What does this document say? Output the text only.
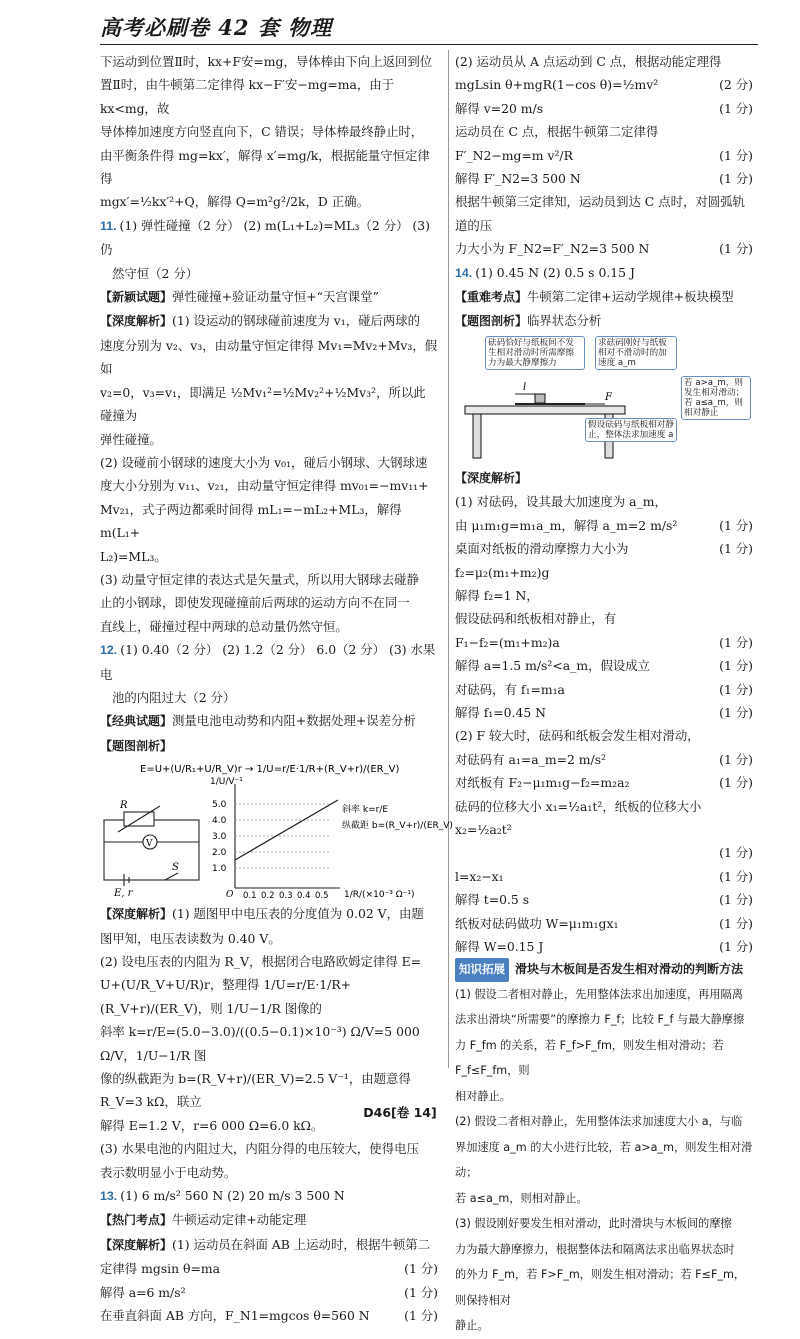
高考必刷卷 42 套 物理

下运动到位置Ⅱ时，kx+F安=mg，导体棒由下向上返回到位

置Ⅱ时，由牛顿第二定律得 kx−F′安−mg=ma，由于 kx<mg，故

导体棒加速度方向竖直向下，C 错误；导体棒最终静止时，

由平衡条件得 mg=kx′，解得 x′=mg/k，根据能量守恒定律得

mgx′=½kx′²+Q，解得 Q=m²g²/2k，D 正确。

11. (1) 弹性碰撞（2 分） (2) m(L₁+L₂)=ML₃（2 分） (3) 仍

然守恒（2 分）

【新颖试题】弹性碰撞+验证动量守恒+“天宫课堂”

【深度解析】(1) 设运动的钢球碰前速度为 v₁，碰后两球的

速度分别为 v₂、v₃，由动量守恒定律得 Mv₁=Mv₂+Mv₃，假如

v₂=0，v₃=v₁，即满足 ½Mv₁²=½Mv₂²+½Mv₃²，所以此碰撞为

弹性碰撞。

(2) 设碰前小钢球的速度大小为 v₀₁，碰后小钢球、大钢球速

度大小分别为 v₁₁、v₂₁，由动量守恒定律得 mv₀₁=−mv₁₁+

Mv₂₁，式子两边都乘时间得 mL₁=−mL₂+ML₃，解得 m(L₁+

L₂)=ML₃。

(3) 动量守恒定律的表达式是矢量式，所以用大钢球去碰静

止的小钢球，即使发现碰撞前后两球的运动方向不在同一

直线上，碰撞过程中两球的总动量仍然守恒。

12. (1) 0.40（2 分） (2) 1.2（2 分） 6.0（2 分） (3) 水果电

池的内阻过大（2 分）

【经典试题】测量电池电动势和内阻+数据处理+误差分析

【题图剖析】

E=U+(U/R₁+U/R_V)r → 1/U=r/E·1/R+(R_V+r)/(ER_V)
R
V
E, r
S
1/U/V⁻¹
1/R/(×10⁻³ Ω⁻¹)
O
5.0
4.0
3.0
2.0
1.0
0.1 0.2 0.3 0.4 0.5
斜率 k=r/E
纵截距 b=(R_V+r)/(ER_V)

【深度解析】(1) 题图甲中电压表的分度值为 0.02 V，由题

图甲知，电压表读数为 0.40 V。

(2) 设电压表的内阻为 R_V，根据闭合电路欧姆定律得 E=

U+(U/R_V+U/R)r，整理得 1/U=r/E·1/R+(R_V+r)/(ER_V)，则 1/U−1/R 图像的

斜率 k=r/E=(5.0−3.0)/((0.5−0.1)×10⁻³) Ω/V=5 000 Ω/V，1/U−1/R 图

像的纵截距为 b=(R_V+r)/(ER_V)=2.5 V⁻¹，由题意得 R_V=3 kΩ，联立

解得 E=1.2 V，r=6 000 Ω=6.0 kΩ。

(3) 水果电池的内阻过大，内阻分得的电压较大，使得电压

表示数明显小于电动势。

13. (1) 6 m/s² 560 N (2) 20 m/s 3 500 N

【热门考点】牛顿运动定律+动能定理

【深度解析】(1) 运动员在斜面 AB 上运动时，根据牛顿第二

定律得 mgsin θ=ma	(1 分)
解得 a=6 m/s²	(1 分)
在垂直斜面 AB 方向，F_N1=mgcos θ=560 N	(1 分)
(2) 运动员从 A 点运动到 C 点，根据动能定理得
mgLsin θ+mgR(1−cos θ)=½mv²	(2 分)
解得 v=20 m/s	(1 分)
运动员在 C 点，根据牛顿第二定律得
F′_N2−mg=m v²/R	(1 分)
解得 F′_N2=3 500 N	(1 分)
根据牛顿第三定律知，运动员到达 C 点时，对圆弧轨道的压
力大小为 F_N2=F′_N2=3 500 N	(1 分)

14. (1) 0.45 N (2) 0.5 s 0.15 J

【重难考点】牛顿第二定律+运动学规律+板块模型

【题图剖析】临界状态分析

l
F
砝码恰好与纸板间不发生相对滑动时所需摩擦力为最大静摩擦力
求砝码刚好与纸板相对不滑动时的加速度 a_m
若 a>a_m，则发生相对滑动；若 a≤a_m，则相对静止
假设砝码与纸板相对静止，整体法求加速度 a

【深度解析】

(1) 对砝码，设其最大加速度为 a_m，
由 μ₁m₁g=m₁a_m，解得 a_m=2 m/s²	(1 分)
桌面对纸板的滑动摩擦力大小为 f₂=μ₂(m₁+m₂)g
(1 分)
解得 f₂=1 N，
假设砝码和纸板相对静止，有
F₁−f₂=(m₁+m₂)a	(1 分)
解得 a=1.5 m/s²<a_m，假设成立	(1 分)
对砝码，有 f₁=m₁a	(1 分)
解得 f₁=0.45 N	(1 分)
(2) F 较大时，砝码和纸板会发生相对滑动，
对砝码有 a₁=a_m=2 m/s²	(1 分)
对纸板有 F₂−μ₁m₁g−f₂=m₂a₂	(1 分)
砝码的位移大小 x₁=½a₁t²，纸板的位移大小 x₂=½a₂t²
(1 分)
l=x₂−x₁	(1 分)
解得 t=0.5 s	(1 分)
纸板对砝码做功 W=μ₁m₁gx₁	(1 分)
解得 W=0.15 J	(1 分)
知识拓展 滑块与木板间是否发生相对滑动的判断方法

(1) 假设二者相对静止，先用整体法求出加速度，再用隔离

法求出滑块“所需要”的摩擦力 F_f；比较 F_f 与最大静摩擦

力 F_fm 的关系，若 F_f>F_fm，则发生相对滑动；若 F_f≤F_fm，则

相对静止。

(2) 假设二者相对静止，先用整体法求加速度大小 a，与临

界加速度 a_m 的大小进行比较，若 a>a_m，则发生相对滑动；

若 a≤a_m，则相对静止。

(3) 假设刚好要发生相对滑动，此时滑块与木板间的摩擦

力为最大静摩擦力，根据整体法和隔离法求出临界状态时

的外力 F_m，若 F>F_m，则发生相对滑动；若 F≤F_m，则保持相对

静止。

D46[卷 14]
